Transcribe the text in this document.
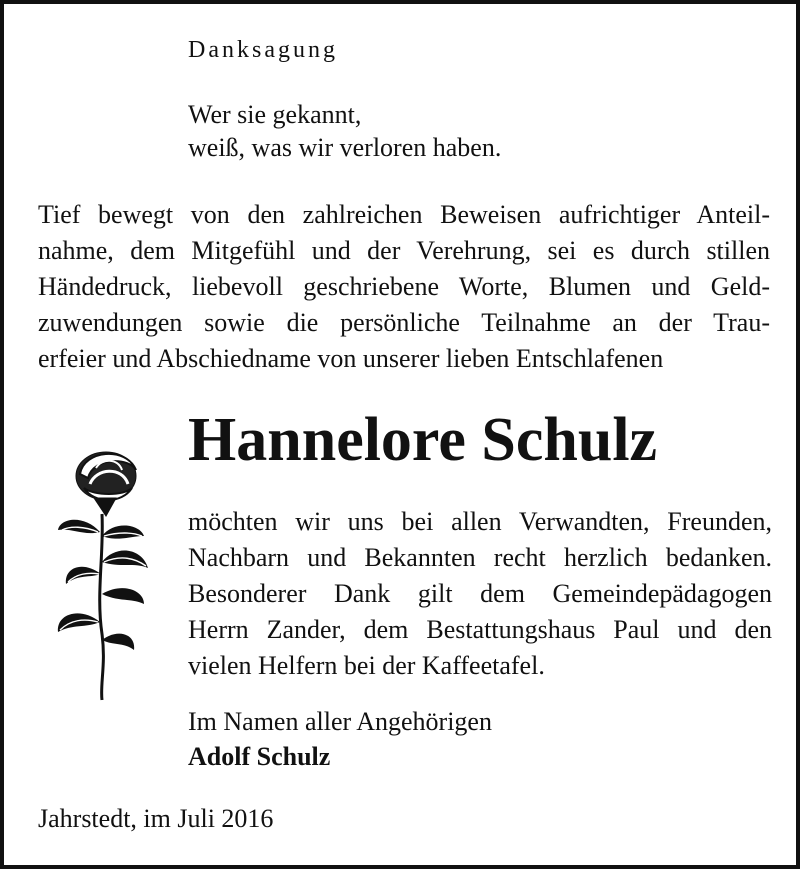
Danksagung

Wer sie gekannt,
weiß, was wir verloren haben.
Tief bewegt von den zahlreichen Beweisen aufrichtiger Anteil-
nahme, dem Mitgefühl und der Verehrung, sei es durch stillen
Händedruck, liebevoll geschriebene Worte, Blumen und Geld-
zuwendungen sowie die persönliche Teilnahme an der Trau-
erfeier und Abschiedname von unserer lieben Entschlafenen

Hannelore Schulz

möchten wir uns bei allen Verwandten, Freunden,
Nachbarn und Bekannten recht herzlich bedanken.
Besonderer Dank gilt dem Gemeindepädagogen
Herrn Zander, dem Bestattungshaus Paul und den
vielen Helfern bei der Kaffeetafel.
Im Namen aller Angehörigen
Adolf Schulz

Jahrstedt, im Juli 2016
